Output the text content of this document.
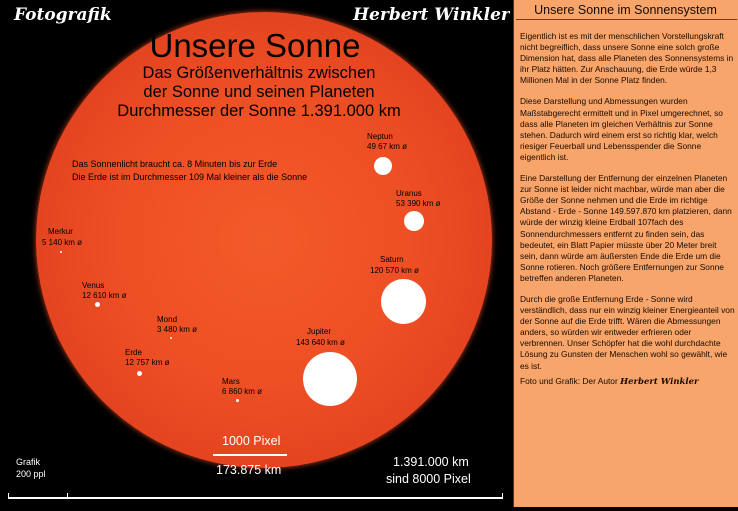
Fotografik	Herbert Winkler
Unsere Sonne
Das Größenverhältnis zwischen
der Sonne und seinen Planeten
Durchmesser der Sonne 1.391.000 km
Das Sonnenlicht braucht ca. 8 Minuten bis zur Erde
Die Erde ist im Durchmesser 109 Mal kleiner als die Sonne
Merkur
5 140 km ø
Venus
12 610 km ø
Mond
3 480 km ø
Erde
12 757 km ø
Mars
6 860 km ø
Jupiter
143 640 km ø
Saturn
120 570 km ø
Uranus
53 390 km ø
Neptun
49 67 km ø
1000 Pixel
173.875 km
Grafik
200 ppl
1.391.000 km
sind 8000 Pixel
Unsere Sonne im Sonnensystem

Eigentlich ist es mit der menschlichen Vorstellungskraft nicht begreiflich, dass unsere Sonne eine solch große Dimension hat, dass alle Planeten des Sonnensystems in ihr Platz hätten. Zur Anschauung, die Erde würde 1,3 Millionen Mal in der Sonne Platz finden.

Diese Darstellung und Abmessungen wurden Maßstabgerecht ermittelt und in Pixel umgerechnet, so dass alle Planeten im gleichen Verhältnis zur Sonne stehen. Dadurch wird einem erst so richtig klar, welch riesiger Feuerball und Lebensspender die Sonne eigentlich ist.

Eine Darstellung der Entfernung der einzelnen Planeten zur Sonne ist leider nicht machbar, würde man aber die Größe der Sonne nehmen und die Erde im richtige Abstand - Erde - Sonne 149.597.870 km platzieren, dann würde der winzig kleine Erdball 107fach des Sonnendurchmessers entfernt zu finden sein, das bedeutet, ein Blatt Papier müsste über 20 Meter breit sein, dann würde am äußersten Ende die Erde um die Sonne rotieren. Noch größere Entfernungen zur Sonne betreffen anderen Planeten.

Durch die große Entfernung Erde - Sonne wird verständlich, dass nur ein winzig kleiner Energieanteil von der Sonne auf die Erde trifft. Wären die Abmessungen anders, so würden wir entweder erfrieren oder verbrennen. Unser Schöpfer hat die wohl durchdachte Lösung zu Gunsten der Menschen wohl so gewählt, wie es ist.

Foto und Grafik: Der Autor Herbert Winkler
